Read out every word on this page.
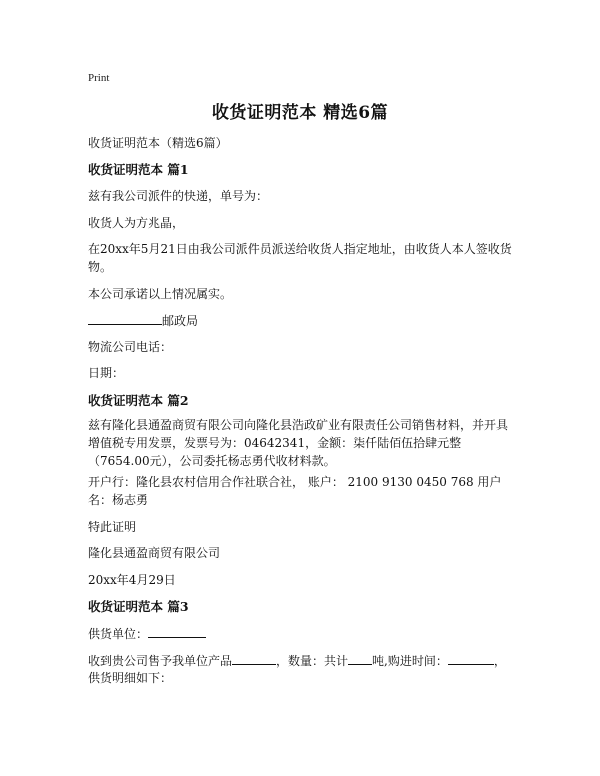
Print
收货证明范本 精选6篇
收货证明范本（精选6篇）
收货证明范本 篇1
兹有我公司派件的快递，单号为：
收货人为方兆晶，
在20xx年5月21日由我公司派件员派送给收货人指定地址，由收货人本人签收货物。
本公司承诺以上情况属实。
邮政局
物流公司电话：
日期：
收货证明范本 篇2
兹有隆化县通盈商贸有限公司向隆化县浩政矿业有限责任公司销售材料，并开具增值税专用发票，发票号为：04642341，金额：柒仟陆佰伍拾肆元整（7654.00元），公司委托杨志勇代收材料款。
开户行：隆化县农村信用合作社联合社， 账户： 2100 9130 0450 768 用户名：杨志勇
特此证明
隆化县通盈商贸有限公司
20xx年4月29日
收货证明范本 篇3
供货单位：
收到贵公司售予我单位产品	，数量：共计 吨,购进时间：	，
供货明细如下：
